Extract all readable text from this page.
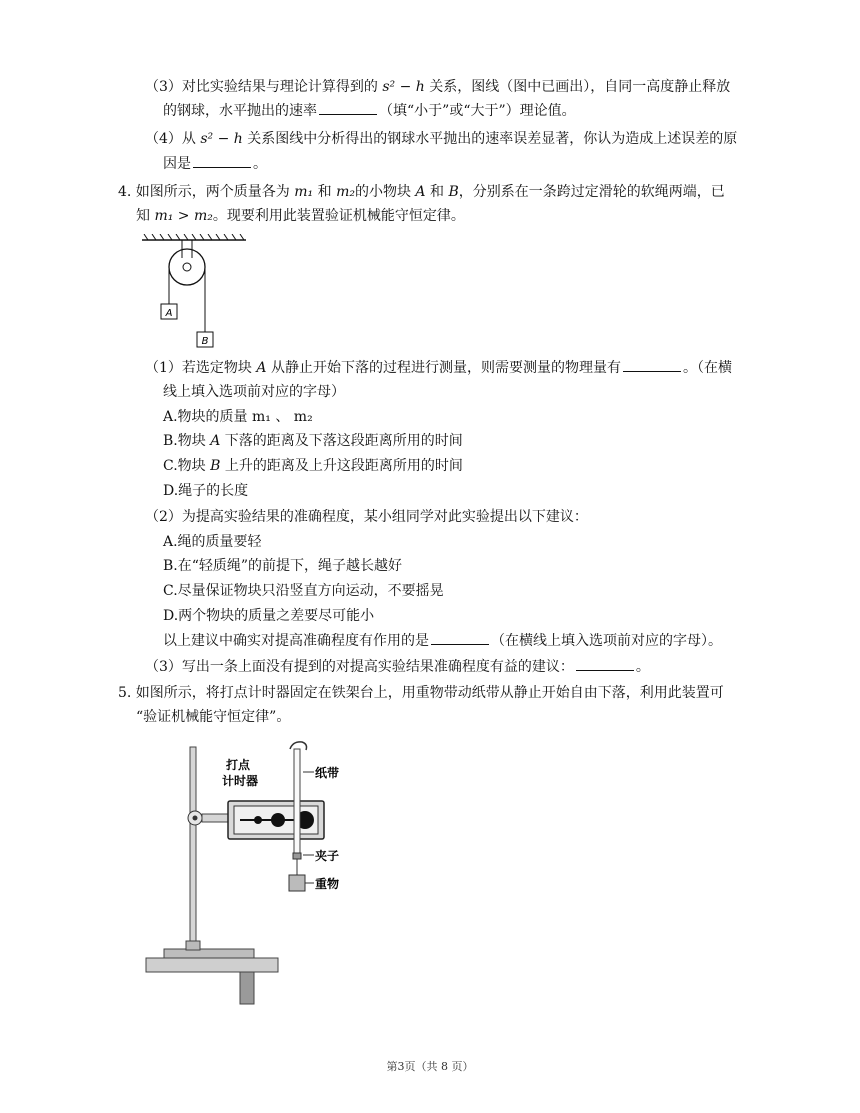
（3）对比实验结果与理论计算得到的 s² − h 关系，图线（图中已画出），自同一高度静止释放
的钢球，水平抛出的速率	（填“小于”或“大于”）理论值。
（4）从 s² − h 关系图线中分析得出的钢球水平抛出的速率误差显著，你认为造成上述误差的原
因是	。
4. 如图所示，两个质量各为 m₁ 和 m₂的小物块 A 和 B，分别系在一条跨过定滑轮的软绳两端，已
知 m₁ > m₂。现要利用此装置验证机械能守恒定律。
A
B
（1）若选定物块 A 从静止开始下落的过程进行测量，则需要测量的物理量有	。（在横
线上填入选项前对应的字母）
A.物块的质量 m₁ 、 m₂
B.物块 A 下落的距离及下落这段距离所用的时间
C.物块 B 上升的距离及上升这段距离所用的时间
D.绳子的长度
（2）为提高实验结果的准确程度，某小组同学对此实验提出以下建议：
A.绳的质量要轻
B.在“轻质绳”的前提下，绳子越长越好
C.尽量保证物块只沿竖直方向运动，不要摇晃
D.两个物块的质量之差要尽可能小
以上建议中确实对提高准确程度有作用的是	（在横线上填入选项前对应的字母）。
（3）写出一条上面没有提到的对提高实验结果准确程度有益的建议：	。
5. 如图所示，将打点计时器固定在铁架台上，用重物带动纸带从静止开始自由下落，利用此装置可
“验证机械能守恒定律”。
打点
计时器
纸带
夹子
重物
第3页（共 8 页）
